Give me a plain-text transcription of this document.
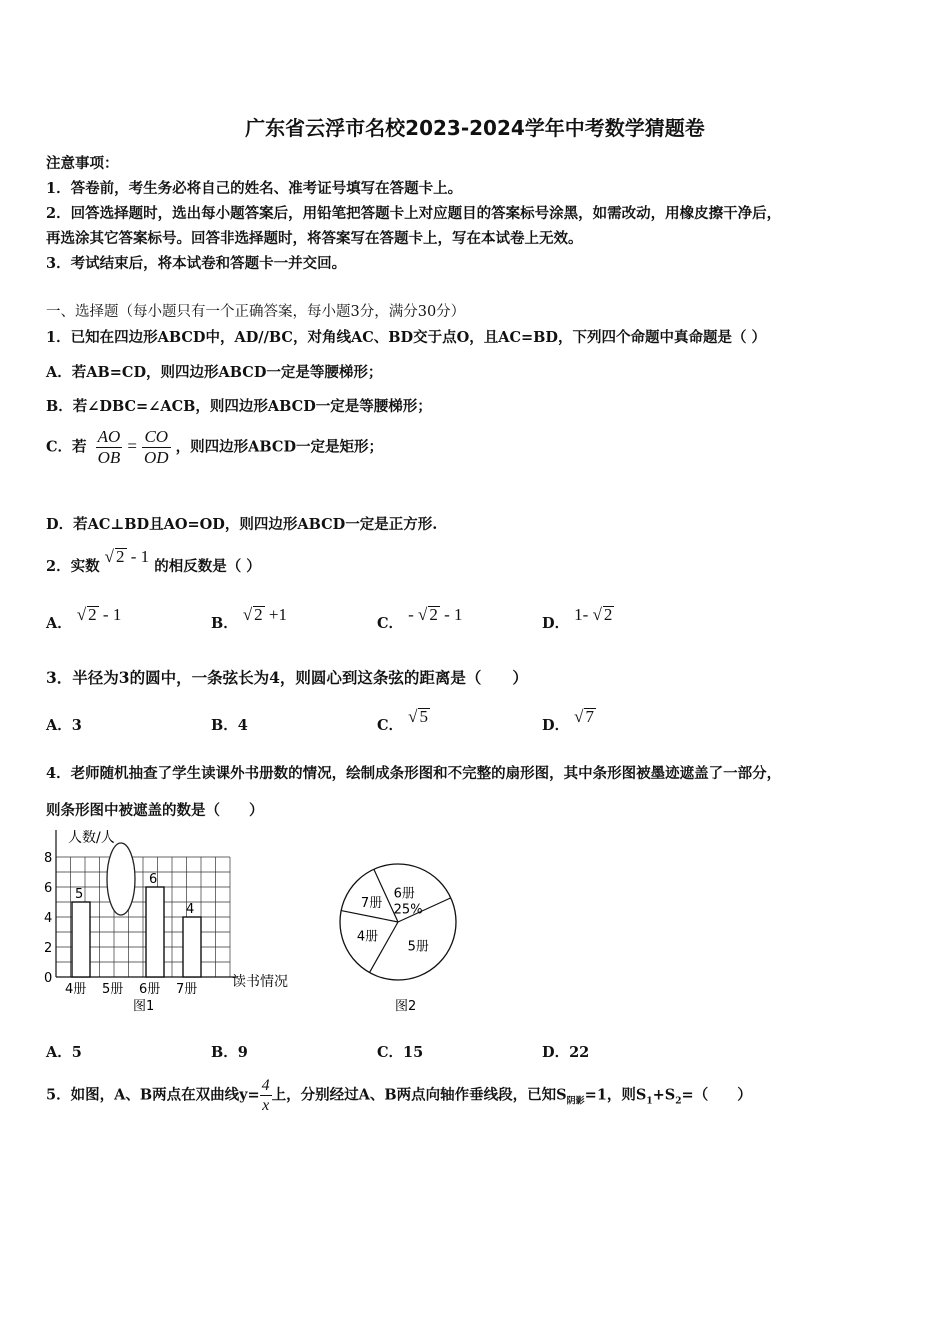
广东省云浮市名校2023-2024学年中考数学猜题卷
注意事项：
1．答卷前，考生务必将自己的姓名、准考证号填写在答题卡上。
2．回答选择题时，选出每小题答案后，用铅笔把答题卡上对应题目的答案标号涂黑，如需改动，用橡皮擦干净后，
再选涂其它答案标号。回答非选择题时，将答案写在答题卡上，写在本试卷上无效。
3．考试结束后，将本试卷和答题卡一并交回。
一、选择题（每小题只有一个正确答案，每小题3分，满分30分）
1．已知在四边形ABCD中，AD//BC，对角线AC、BD交于点O，且AC=BD，下列四个命题中真命题是（ ）
A．若AB=CD，则四边形ABCD一定是等腰梯形；
B．若∠DBC=∠ACB，则四边形ABCD一定是等腰梯形；
C．若 $\frac{AO}{OB} = \frac{CO}{OD}$ ，则四边形ABCD一定是矩形；
D．若AC⊥BD且AO=OD，则四边形ABCD一定是正方形.
2．实数 √ 2 - 1 的相反数是（ ）
A． √ 2 - 1	B． √ 2 +1	C． - √ 2 - 1	D． 1- √ 2
3．半径为3的圆中，一条弦长为4，则圆心到这条弦的距离是（　　）
A．3	B．4	C． √ 5	D． √ 7
4．老师随机抽查了学生读课外书册数的情况，绘制成条形图和不完整的扇形图，其中条形图被墨迹遮盖了一部分，
则条形图中被遮盖的数是（　　）
0
2
4
6
8
4册
5
5册 6册
6
7册
4
人数/人
读书情况
图1
6册
25%
5册
4册
7册
图2
A．5	B．9	C．15	D．22
5．如图，A、B两点在双曲线$y= \frac{4}{x}$ 上，分别经过A、B两点向轴作垂线段，已知$S_{阴影}=1$，则$S_1+S_2=$（　　）
